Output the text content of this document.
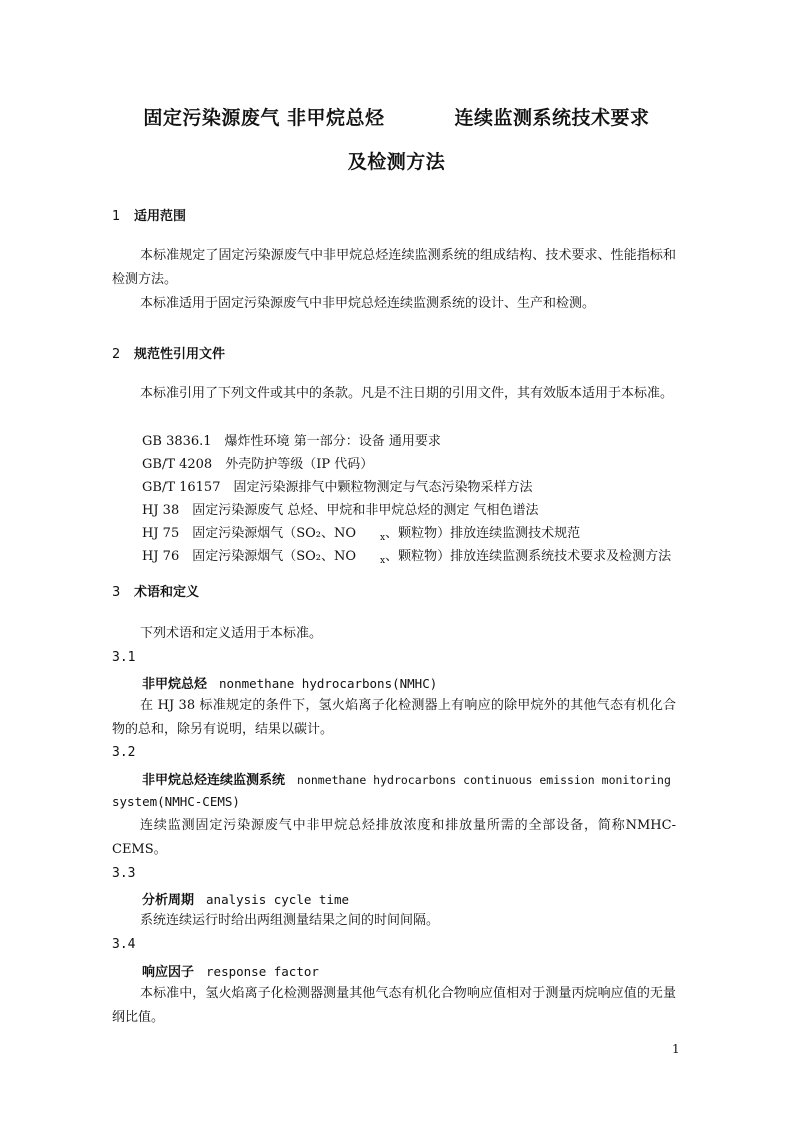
固定污染源废气 非甲烷总烃	连续监测系统技术要求
及检测方法
1 适用范围
本标准规定了固定污染源废气中非甲烷总烃连续监测系统的组成结构、技术要求、性能指标和检测方法。
本标准适用于固定污染源废气中非甲烷总烃连续监测系统的设计、生产和检测。
2 规范性引用文件
本标准引用了下列文件或其中的条款。凡是不注日期的引用文件，其有效版本适用于本标准。
GB 3836.1　爆炸性环境 第一部分：设备 通用要求
GB/T 4208　外壳防护等级（IP 代码）
GB/T 16157　固定污染源排气中颗粒物测定与气态污染物采样方法
HJ 38　固定污染源废气 总烃、甲烷和非甲烷总烃的测定 气相色谱法
HJ 75　固定污染源烟气（SO₂、NO	$_x$、颗粒物）排放连续监测技术规范
HJ 76　固定污染源烟气（SO₂、NO	$_x$、颗粒物）排放连续监测系统技术要求及检测方法
3 术语和定义
下列术语和定义适用于本标准。
3.1
非甲烷总烃 nonmethane hydrocarbons(NMHC)
在 HJ 38 标准规定的条件下，氢火焰离子化检测器上有响应的除甲烷外的其他气态有机化合物的总和，除另有说明，结果以碳计。
3.2
非甲烷总烃连续监测系统 nonmethane hydrocarbons continuous emission monitoring
system(NMHC-CEMS)
连续监测固定污染源废气中非甲烷总烃排放浓度和排放量所需的全部设备，简称NMHC-CEMS。
3.3
分析周期 analysis cycle time
系统连续运行时给出两组测量结果之间的时间间隔。
3.4
响应因子 response factor
本标准中，氢火焰离子化检测器测量其他气态有机化合物响应值相对于测量丙烷响应值的无量纲比值。
1
